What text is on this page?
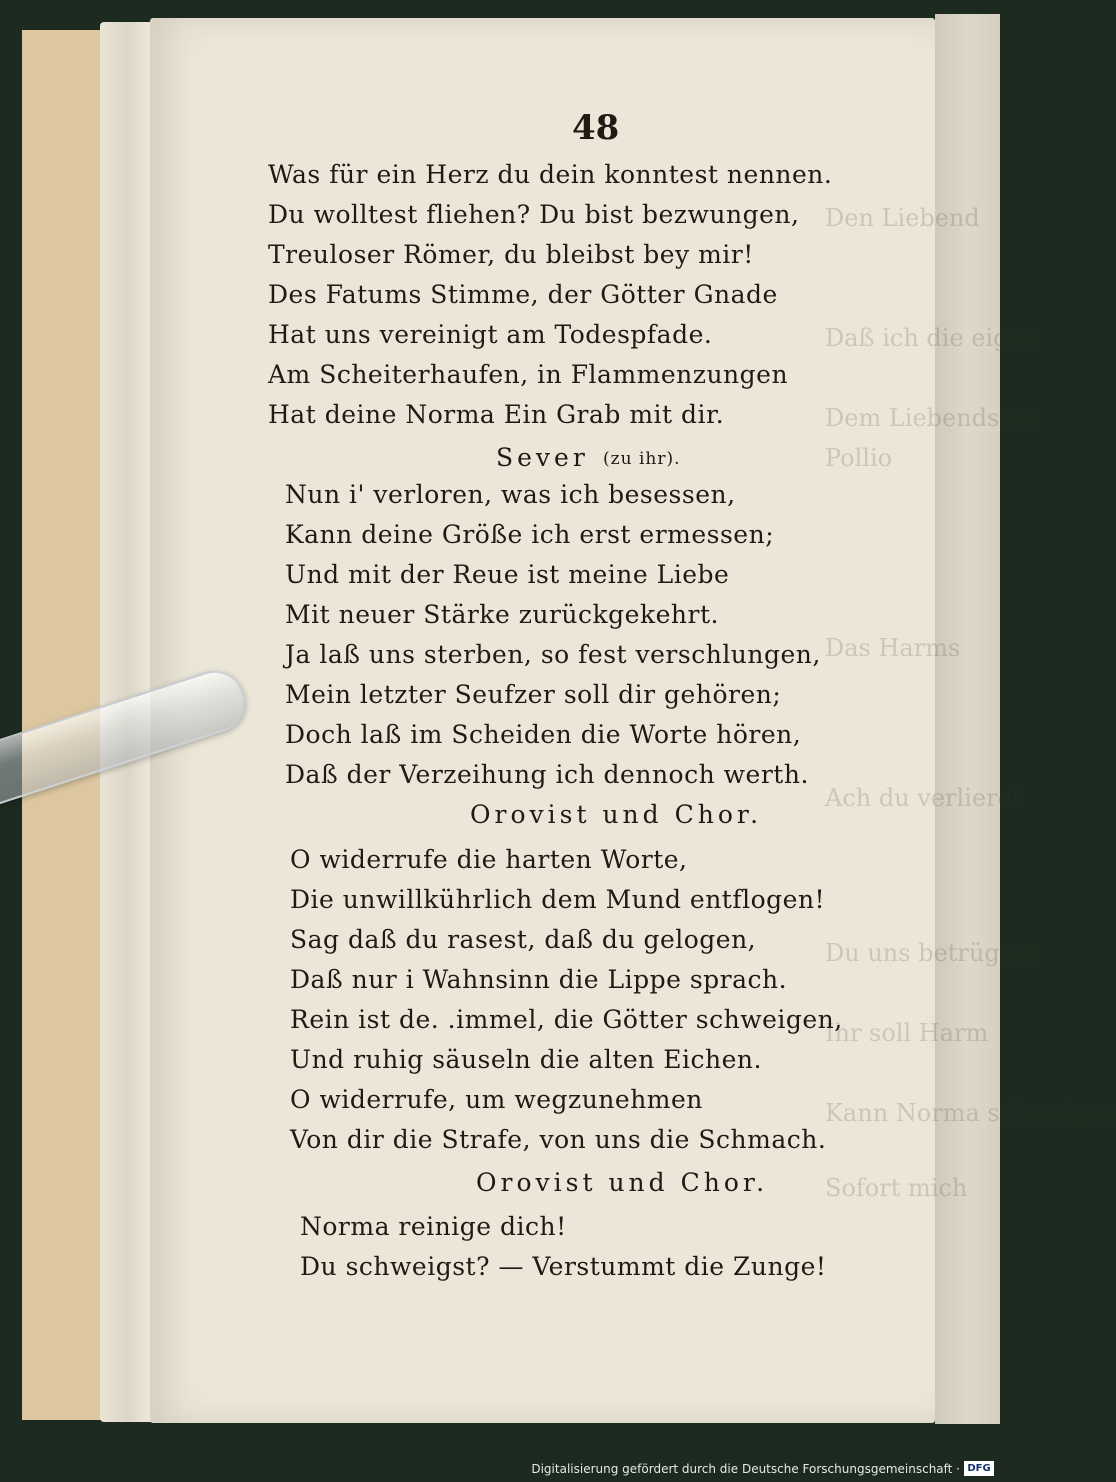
Den Liebend
Daß ich die eigen
Dem Liebendsten
Pollio
Das Harms
Ach du verlieret
Du uns betrügest
Ihr soll Harm
Kann Norma schweigen
Sofort mich
48
Was für ein Herz du dein konntest nennen.
Du wolltest fliehen? Du bist bezwungen,
Treuloser Römer, du bleibst bey mir!
Des Fatums Stimme, der Götter Gnade
Hat uns vereinigt am Todespfade.
Am Scheiterhaufen, in Flammenzungen
Hat deine Norma Ein Grab mit dir.
Sever (zu ihr).
Nun i' verloren, was ich besessen,
Kann deine Größe ich erst ermessen;
Und mit der Reue ist meine Liebe
Mit neuer Stärke zurückgekehrt.
Ja laß uns sterben, so fest verschlungen,
Mein letzter Seufzer soll dir gehören;
Doch laß im Scheiden die Worte hören,
Daß der Verzeihung ich dennoch werth.
Orovist und Chor.
O widerrufe die harten Worte,
Die unwillkührlich dem Mund entflogen!
Sag daß du rasest, daß du gelogen,
Daß nur i Wahnsinn die Lippe sprach.
Rein ist de. .immel, die Götter schweigen,
Und ruhig säuseln die alten Eichen.
O widerrufe, um wegzunehmen
Von dir die Strafe, von uns die Schmach.
Orovist und Chor.
Norma reinige dich!
Du schweigst? — Verstummt die Zunge!
Digitalisierung gefördert durch die Deutsche Forschungsgemeinschaft · DFG
